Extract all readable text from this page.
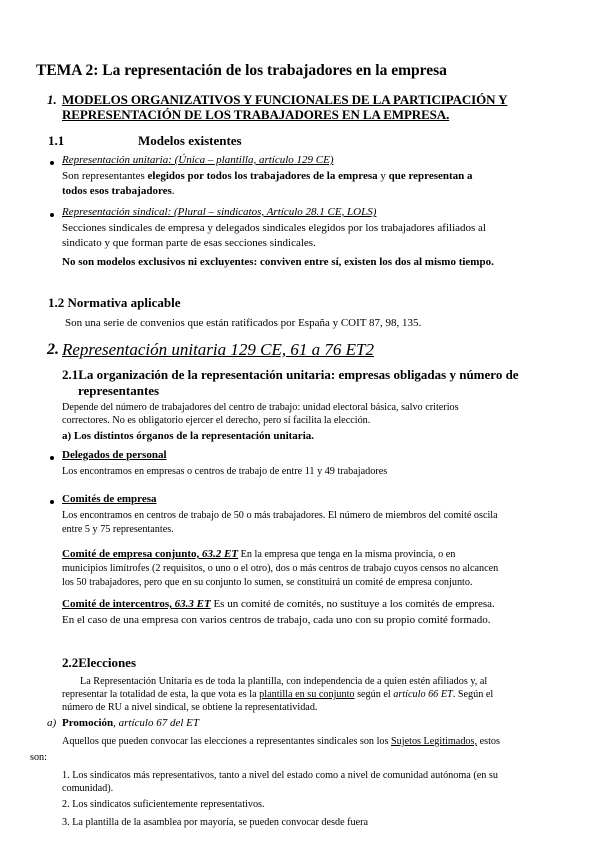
TEMA 2: La representación de los trabajadores en la empresa
1. MODELOS ORGANIZATIVOS Y FUNCIONALES DE LA PARTICIPACIÓN Y
REPRESENTACIÓN DE LOS TRABAJADORES EN LA EMPRESA.
1.1	Modelos existentes
Representación unitaria: (Única – plantilla, artículo 129 CE)
Son representantes elegidos por todos los trabajadores de la empresa y que representan a
todos esos trabajadores.
Representación sindical: (Plural – sindicatos, Artículo 28.1 CE, LOLS)
Secciones sindicales de empresa y delegados sindicales elegidos por los trabajadores afiliados al
sindicato y que forman parte de esas secciones sindicales.
No son modelos exclusivos ni excluyentes: conviven entre sí, existen los dos al mismo tiempo.
1.2 Normativa aplicable
Son una serie de convenios que están ratificados por España y COIT 87, 98, 135.
2. Representación unitaria 129 CE, 61 a 76 ET2
2.1La organización de la representación unitaria: empresas obligadas y número de
representantes
Depende del número de trabajadores del centro de trabajo: unidad electoral básica, salvo criterios
correctores. No es obligatorio ejercer el derecho, pero sí facilita la elección.
a) Los distintos órganos de la representación unitaria.
Delegados de personal
Los encontramos en empresas o centros de trabajo de entre 11 y 49 trabajadores
Comités de empresa
Los encontramos en centros de trabajo de 50 o más trabajadores. El número de miembros del comité oscila
entre 5 y 75 representantes.
Comité de empresa conjunto, 63.2 ET En la empresa que tenga en la misma provincia, o en
municipios limítrofes (2 requisitos, o uno o el otro), dos o más centros de trabajo cuyos censos no alcancen
los 50 trabajadores, pero que en su conjunto lo sumen, se constituirá un comité de empresa conjunto.
Comité de intercentros, 63.3 ET Es un comité de comités, no sustituye a los comités de empresa.
En el caso de una empresa con varios centros de trabajo, cada uno con su propio comité formado.
2.2Elecciones
La Representación Unitaria es de toda la plantilla, con independencia de a quien estén afiliados y, al
representar la totalidad de esta, la que vota es la plantilla en su conjunto según el artículo 66 ET. Según el
número de RU a nivel sindical, se obtiene la representatividad.
a) Promoción, artículo 67 del ET
Aquellos que pueden convocar las elecciones a representantes sindicales son los Sujetos Legitimados, estos
son:
1. Los sindicatos más representativos, tanto a nivel del estado como a nivel de comunidad autónoma (en su
comunidad).
2. Los sindicatos suficientemente representativos.
3. La plantilla de la asamblea por mayoría, se pueden convocar desde fuera
